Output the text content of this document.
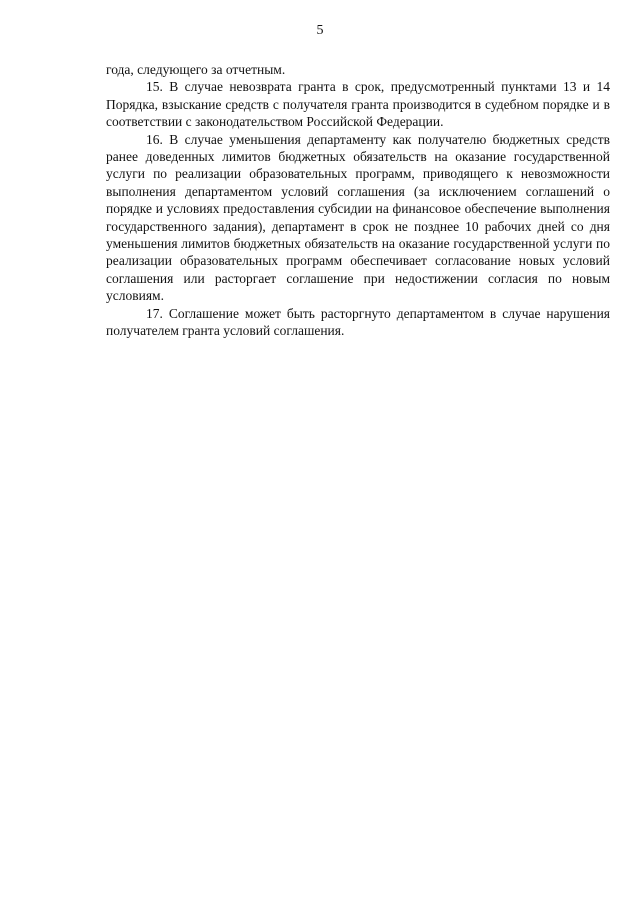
5

года, следующего за отчетным.

15. В случае невозврата гранта в срок, предусмотренный пунктами 13 и 14 Порядка, взыскание средств с получателя гранта производится в судебном порядке и в соответствии с законодательством Российской Федерации.

16. В случае уменьшения департаменту как получателю бюджетных средств ранее доведенных лимитов бюджетных обязательств на оказание государственной услуги по реализации образовательных программ, приводящего к невозможности выполнения департаментом условий соглашения (за исключением соглашений о порядке и условиях предоставления субсидии на финансовое обеспечение выполнения государственного задания), департамент в срок не позднее 10 рабочих дней со дня уменьшения лимитов бюджетных обязательств на оказание государственной услуги по реализации образовательных программ обеспечивает согласование новых условий соглашения или расторгает соглашение при недостижении согласия по новым условиям.

17. Соглашение может быть расторгнуто департаментом в случае нарушения получателем гранта условий соглашения.
